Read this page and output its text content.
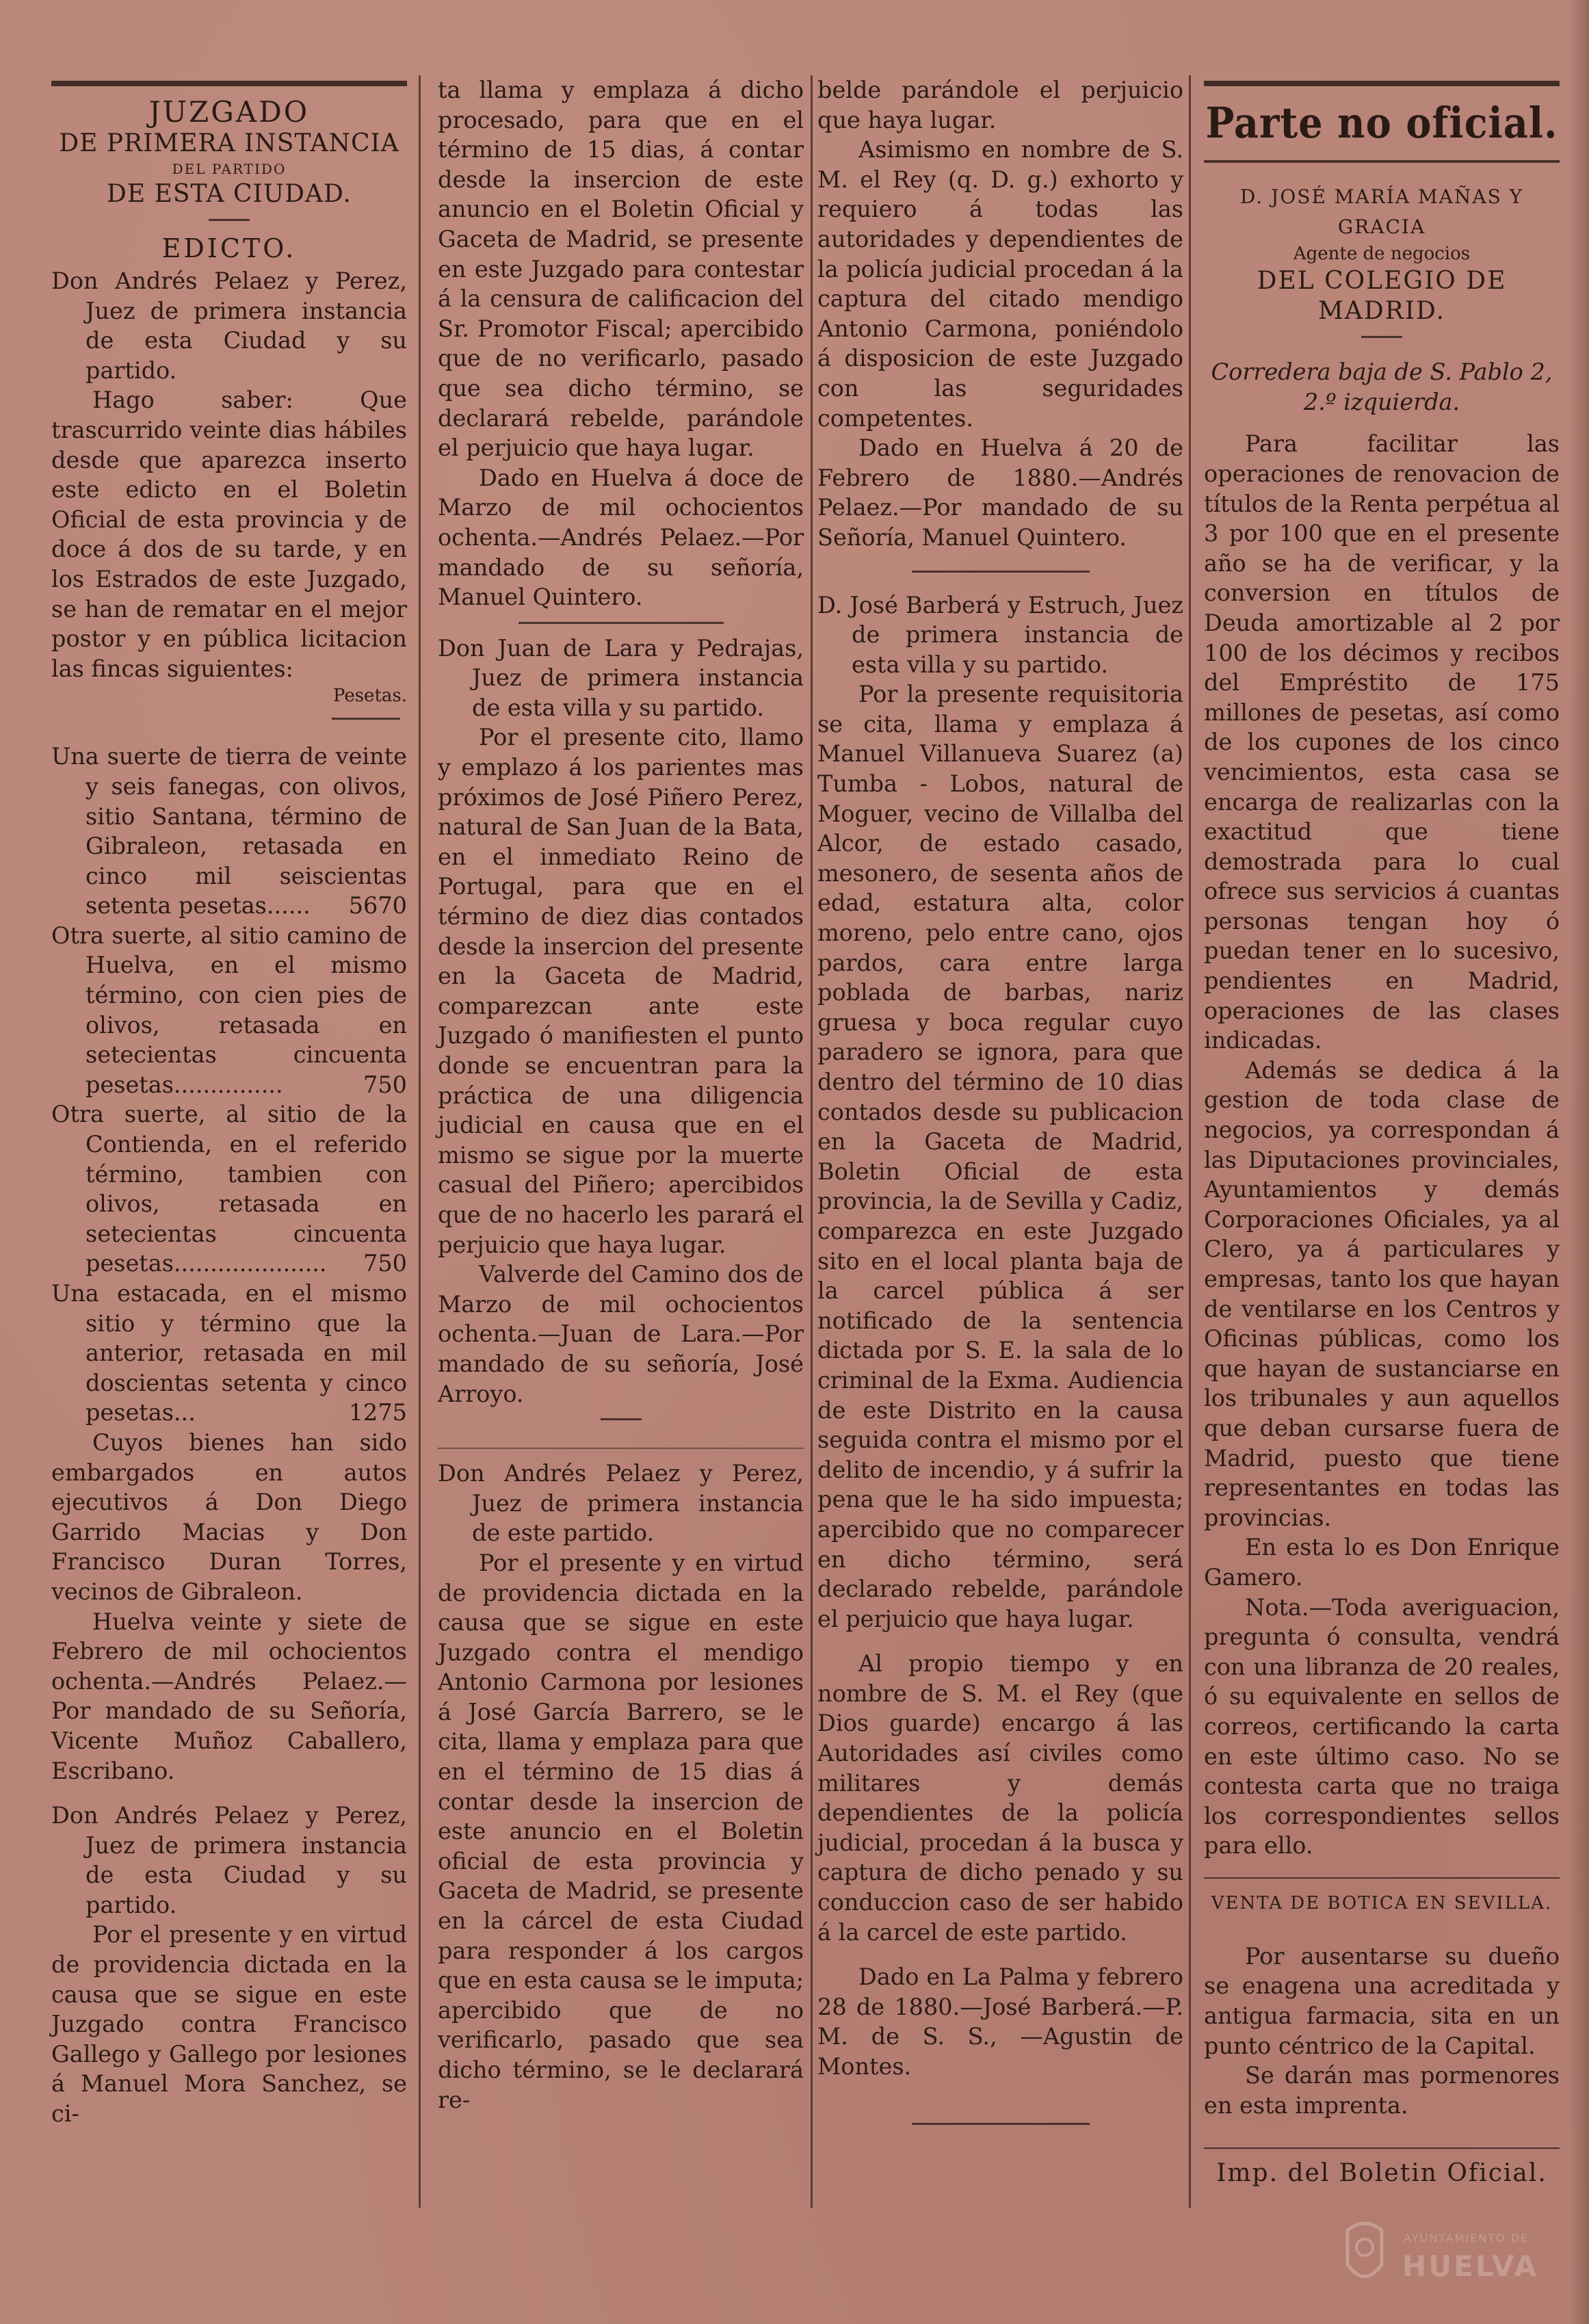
JUZGADO

DE PRIMERA INSTANCIA

DEL PARTIDO

DE ESTA CIUDAD.

EDICTO.

Don Andrés Pelaez y Perez, Juez de primera instancia de esta Ciudad y su partido.

Hago saber: Que trascurrido veinte dias hábiles desde que aparezca inserto este edicto en el Boletin Oficial de esta provincia y de doce á dos de su tarde, y en los Estrados de este Juzgado, se han de rematar en el mejor postor y en pública licitacion las fincas siguientes:

Pesetas.

Una suerte de tierra de veinte y seis fanegas, con olivos, sitio Santana, término de Gibraleon, retasada en cinco mil seiscientas setenta pesetas...... 5670

Otra suerte, al sitio camino de Huelva, en el mismo término, con cien pies de olivos, retasada en setecientas cincuenta pesetas...............	750

Otra suerte, al sitio de la Contienda, en el referido término, tambien con olivos, retasada en setecientas cincuenta pesetas..................... 750

Una estacada, en el mismo sitio y término que la anterior, retasada en mil doscientas setenta y cinco pesetas...	1275

Cuyos bienes han sido embargados en autos ejecutivos á Don Diego Garrido Macias y Don Francisco Duran Torres, vecinos de Gibraleon.

Huelva veinte y siete de Febrero de mil ochocientos ochenta.—Andrés Pelaez.—Por mandado de su Señoría, Vicente Muñoz Caballero, Escribano.

Don Andrés Pelaez y Perez, Juez de primera instancia de esta Ciudad y su partido.

Por el presente y en virtud de providencia dictada en la causa que se sigue en este Juzgado contra Francisco Gallego y Gallego por lesiones á Manuel Mora Sanchez, se ci-

ta llama y emplaza á dicho procesado, para que en el término de 15 dias, á contar desde la insercion de este anuncio en el Boletin Oficial y Gaceta de Madrid, se presente en este Juzgado para contestar á la censura de calificacion del Sr. Promotor Fiscal; apercibido que de no verificarlo, pasado que sea dicho término, se declarará rebelde, parándole el perjuicio que haya lugar.

Dado en Huelva á doce de Marzo de mil ochocientos ochenta.—Andrés Pelaez.—Por mandado de su señoría, Manuel Quintero.

Don Juan de Lara y Pedrajas, Juez de primera instancia de esta villa y su partido.

Por el presente cito, llamo y emplazo á los parientes mas próximos de José Piñero Perez, natural de San Juan de la Bata, en el inmediato Reino de Portugal, para que en el término de diez dias contados desde la insercion del presente en la Gaceta de Madrid, comparezcan ante este Juzgado ó manifiesten el punto donde se encuentran para la práctica de una diligencia judicial en causa que en el mismo se sigue por la muerte casual del Piñero; apercibidos que de no hacerlo les parará el perjuicio que haya lugar.

Valverde del Camino dos de Marzo de mil ochocientos ochenta.—Juan de Lara.—Por mandado de su señoría, José Arroyo.

Don Andrés Pelaez y Perez, Juez de primera instancia de este partido.

Por el presente y en virtud de providencia dictada en la causa que se sigue en este Juzgado contra el mendigo Antonio Carmona por lesiones á José García Barrero, se le cita, llama y emplaza para que en el término de 15 dias á contar desde la insercion de este anuncio en el Boletin oficial de esta provincia y Gaceta de Madrid, se presente en la cárcel de esta Ciudad para responder á los cargos que en esta causa se le imputa; apercibido que de no verificarlo, pasado que sea dicho término, se le declarará re-

belde parándole el perjuicio que haya lugar.

Asimismo en nombre de S. M. el Rey (q. D. g.) exhorto y requiero á todas las autoridades y dependientes de la policía judicial procedan á la captura del citado mendigo Antonio Carmona, poniéndolo á disposicion de este Juzgado con las seguridades competentes.

Dado en Huelva á 20 de Febrero de 1880.—Andrés Pelaez.—Por mandado de su Señoría, Manuel Quintero.

D. José Barberá y Estruch, Juez de primera instancia de esta villa y su partido.

Por la presente requisitoria se cita, llama y emplaza á Manuel Villanueva Suarez (a) Tumba - Lobos, natural de Moguer, vecino de Villalba del Alcor, de estado casado, mesonero, de sesenta años de edad, estatura alta, color moreno, pelo entre cano, ojos pardos, cara entre larga poblada de barbas, nariz gruesa y boca regular cuyo paradero se ignora, para que dentro del término de 10 dias contados desde su publicacion en la Gaceta de Madrid, Boletin Oficial de esta provincia, la de Sevilla y Cadiz, comparezca en este Juzgado sito en el local planta baja de la carcel pública á ser notificado de la sentencia dictada por S. E. la sala de lo criminal de la Exma. Audiencia de este Distrito en la causa seguida contra el mismo por el delito de incendio, y á sufrir la pena que le ha sido impuesta; apercibido que no comparecer en dicho término, será declarado rebelde, parándole el perjuicio que haya lugar.

Al propio tiempo y en nombre de S. M. el Rey (que Dios guarde) encargo á las Autoridades así civiles como militares y demás dependientes de la policía judicial, procedan á la busca y captura de dicho penado y su conduccion caso de ser habido á la carcel de este partido.

Dado en La Palma y febrero 28 de 1880.—José Barberá.—P. M. de S. S., —Agustin de Montes.

Parte no oficial.

D. JOSÉ MARÍA MAÑAS Y GRACIA

Agente de negocios

DEL COLEGIO DE MADRID.

Corredera baja de S. Pablo 2,

2.º izquierda.

Para facilitar las operaciones de renovacion de títulos de la Renta perpétua al 3 por 100 que en el presente año se ha de verificar, y la conversion en títulos de Deuda amortizable al 2 por 100 de los décimos y recibos del Empréstito de 175 millones de pesetas, así como de los cupones de los cinco vencimientos, esta casa se encarga de realizarlas con la exactitud que tiene demostrada para lo cual ofrece sus servicios á cuantas personas tengan hoy ó puedan tener en lo sucesivo, pendientes en Madrid, operaciones de las clases indicadas.

Además se dedica á la gestion de toda clase de negocios, ya correspondan á las Diputaciones provinciales, Ayuntamientos y demás Corporaciones Oficiales, ya al Clero, ya á particulares y empresas, tanto los que hayan de ventilarse en los Centros y Oficinas públicas, como los que hayan de sustanciarse en los tribunales y aun aquellos que deban cursarse fuera de Madrid, puesto que tiene representantes en todas las provincias.

En esta lo es Don Enrique Gamero.

Nota.—Toda averiguacion, pregunta ó consulta, vendrá con una libranza de 20 reales, ó su equivalente en sellos de correos, certificando la carta en este último caso. No se contesta carta que no traiga los correspondientes sellos para ello.

VENTA DE BOTICA EN SEVILLA.

Por ausentarse su dueño se enagena una acreditada y antigua farmacia, sita en un punto céntrico de la Capital.

Se darán mas pormenores en esta imprenta.

Imp. del Boletin Oficial.

AYUNTAMIENTO DE
HUELVA
